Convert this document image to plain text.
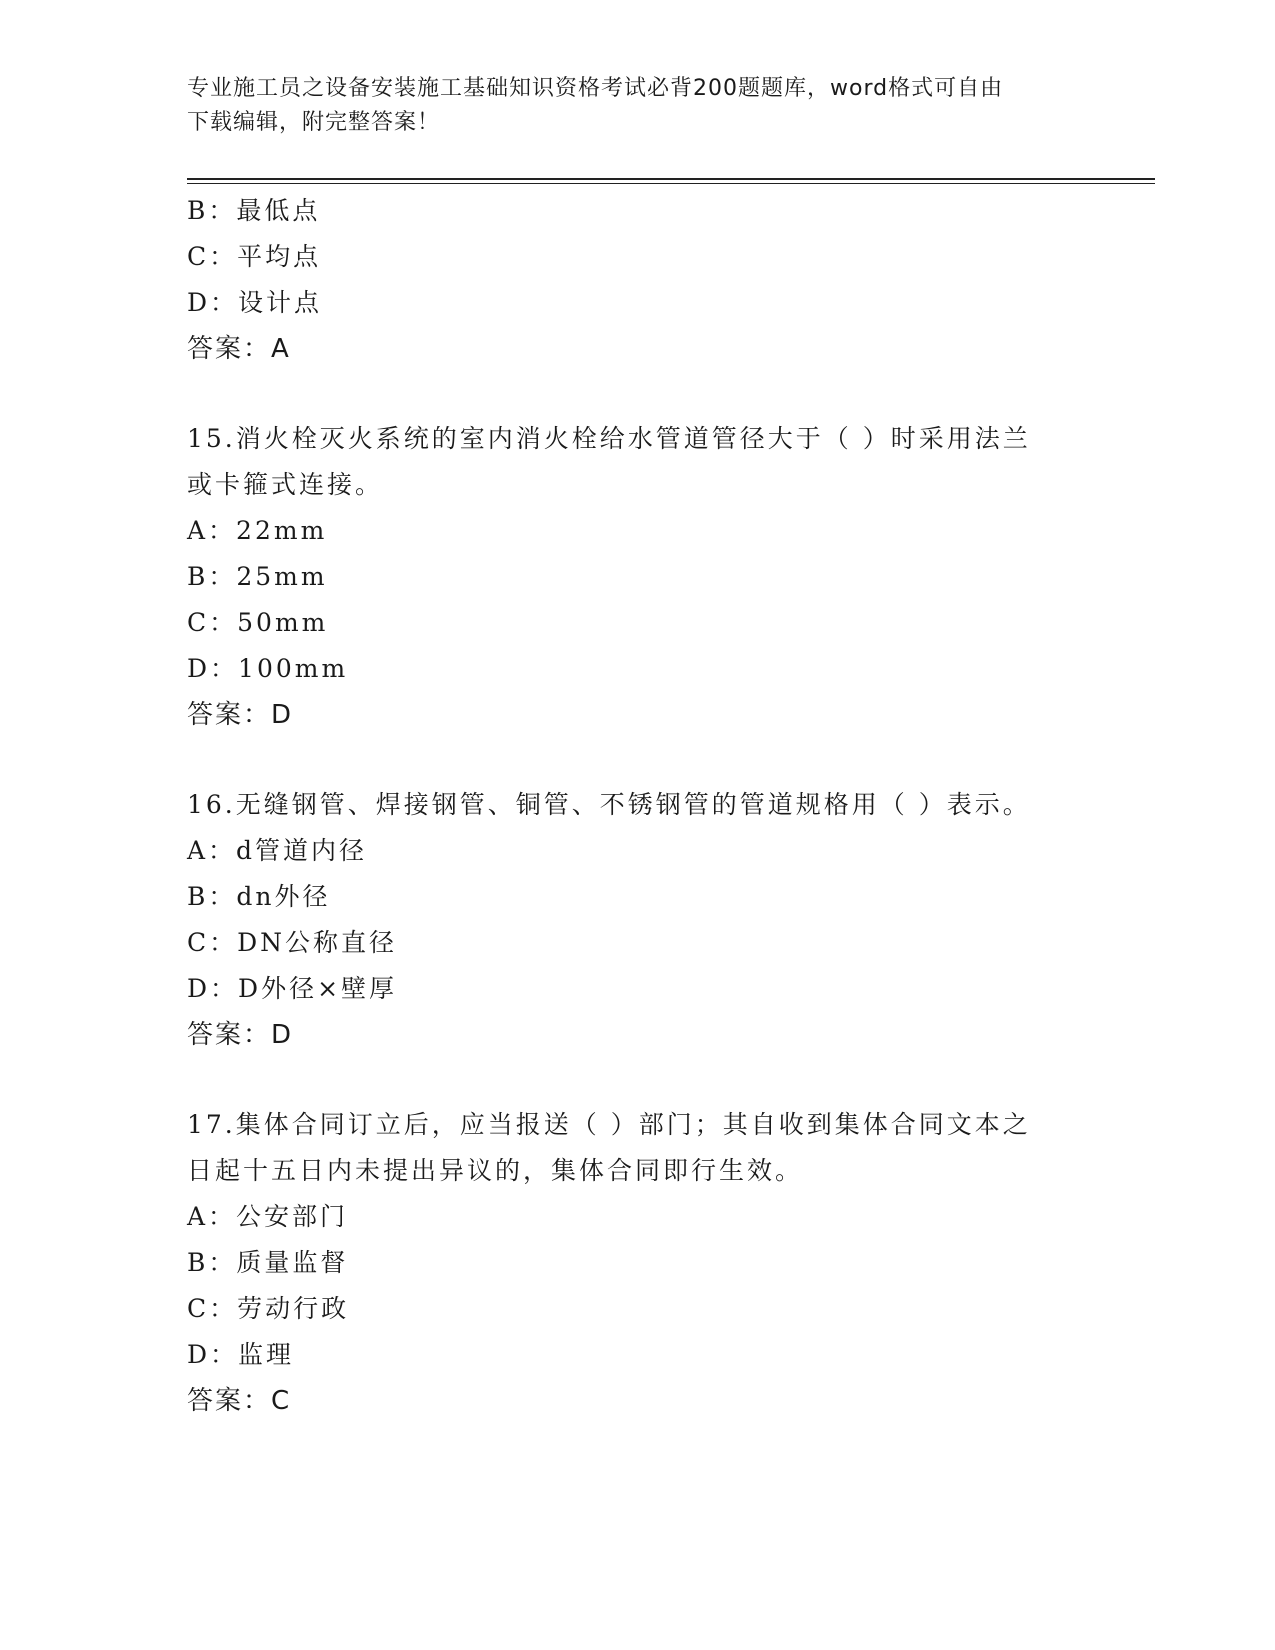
专业施工员之设备安装施工基础知识资格考试必背200题题库，word格式可自由
下载编辑，附完整答案！
B：最低点
C：平均点
D：设计点
答案：A
15.消火栓灭火系统的室内消火栓给水管道管径大于（ ）时采用法兰
或卡箍式连接。
A：22mm
B：25mm
C：50mm
D：100mm
答案：D
16.无缝钢管、焊接钢管、铜管、不锈钢管的管道规格用（ ）表示。
A：d管道内径
B：dn外径
C：DN公称直径
D：D外径×壁厚
答案：D
17.集体合同订立后，应当报送（ ）部门；其自收到集体合同文本之
日起十五日内未提出异议的，集体合同即行生效。
A：公安部门
B：质量监督
C：劳动行政
D：监理
答案：C
